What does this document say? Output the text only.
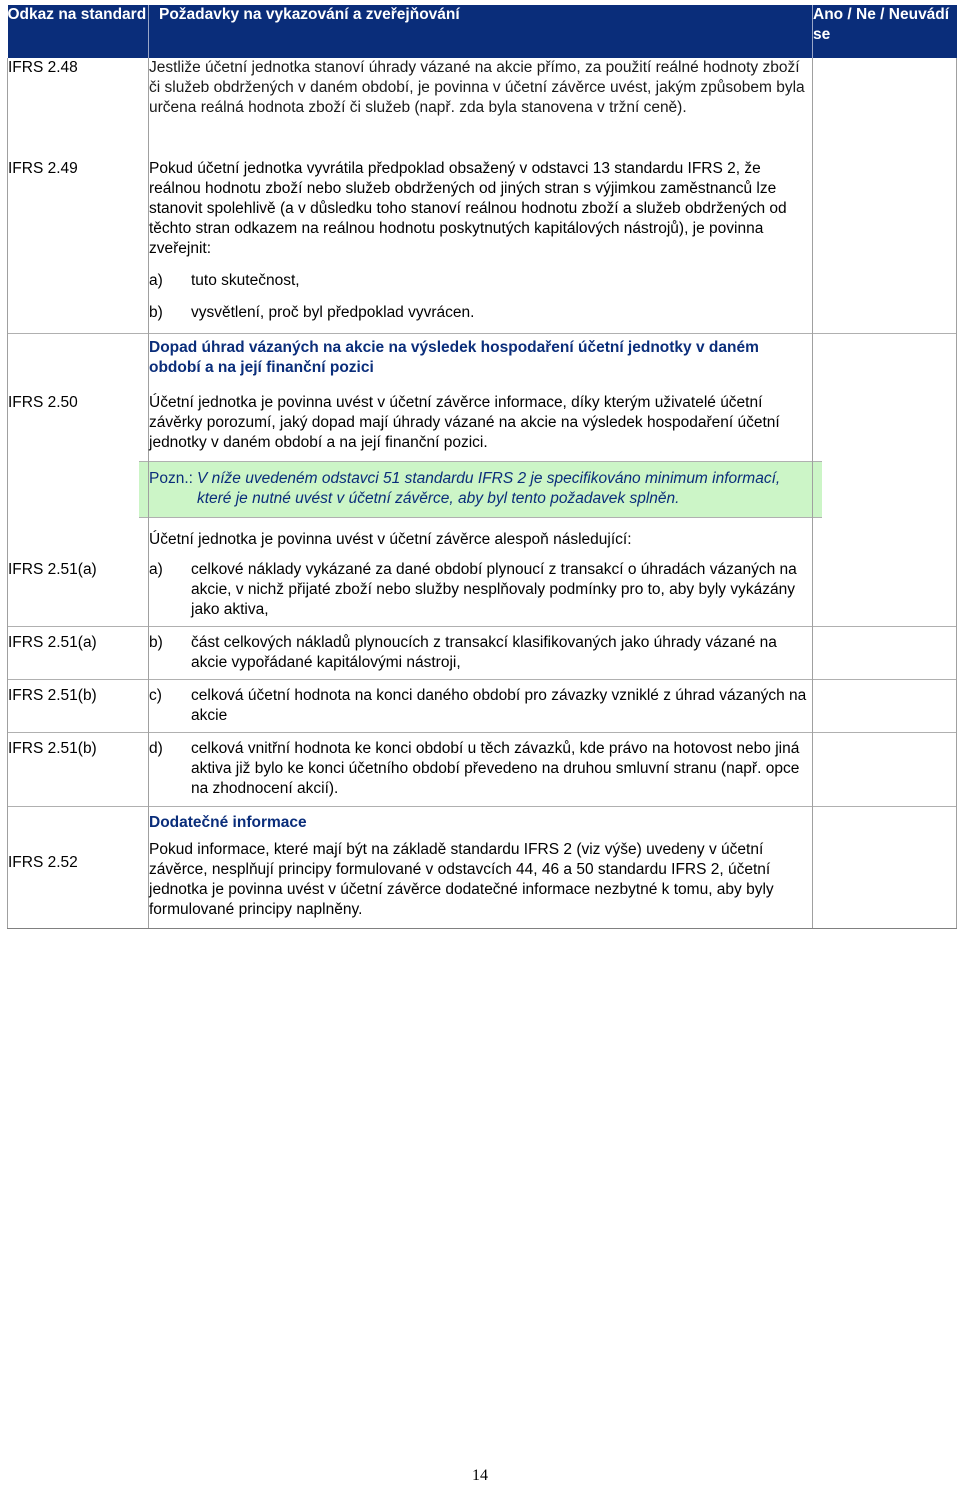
Odkaz na standard	Požadavky na vykazování a zveřejňování	Ano / Ne / Neuvádí se
IFRS 2.48	Jestliže účetní jednotka stanoví úhrady vázané na akcie přímo, za použití reálné hodnoty zboží či služeb obdržených v daném období, je povinna v účetní závěrce uvést, jakým způsobem byla určena reálná hodnota zboží či služeb (např. zda byla stanovena v tržní ceně).	

IFRS 2.49	Pokud účetní jednotka vyvrátila předpoklad obsažený v odstavci 13 standardu IFRS 2, že reálnou hodnotu zboží nebo služeb obdržených od jiných stran s výjimkou zaměstnanců lze stanovit spolehlivě (a v důsledku toho stanoví reálnou hodnotu zboží a služeb obdržených od těchto stran odkazem na reálnou hodnotu poskytnutých kapitálových nástrojů), je povinna zveřejnit:

a) tuto skutečnost,
b) vysvětlení, proč byl předpoklad vyvrácen.	

	Dopad úhrad vázaných na akcie na výsledek hospodaření účetní jednotky v daném období a na její finanční pozici	

IFRS 2.50	Účetní jednotka je povinna uvést v účetní závěrce informace, díky kterým uživatelé účetní závěrky porozumí, jaký dopad mají úhrady vázané na akcie na výsledek hospodaření účetní jednotky v daném období a na její finanční pozici.

Pozn.: V níže uvedeném odstavci 51 standardu IFRS 2 je specifikováno minimum informací, které je nutné uvést v účetní závěrce, aby byl tento požadavek splněn.

Účetní jednotka je povinna uvést v účetní závěrce alespoň následující:	

IFRS 2.51(a)	a) celkové náklady vykázané za dané období plynoucí z transakcí o úhradách vázaných na akcie, v nichž přijaté zboží nebo služby nesplňovaly podmínky pro to, aby byly vykázány jako aktiva,	

IFRS 2.51(a)	b) část celkových nákladů plynoucích z transakcí klasifikovaných jako úhrady vázané na akcie vypořádané kapitálovými nástroji,	

IFRS 2.51(b)	c) celková účetní hodnota na konci daného období pro závazky vzniklé z úhrad vázaných na akcie	

IFRS 2.51(b)	d) celková vnitřní hodnota ke konci období u těch závazků, kde právo na hotovost nebo jiná aktiva již bylo ke konci účetního období převedeno na druhou smluvní stranu (např. opce na zhodnocení akcií).	

IFRS 2.52	Dodatečné informace

Pokud informace, které mají být na základě standardu IFRS 2 (viz výše) uvedeny v účetní závěrce, nesplňují principy formulované v odstavcích 44, 46 a 50 standardu IFRS 2, účetní jednotka je povinna uvést v účetní závěrce dodatečné informace nezbytné k tomu, aby byly formulované principy naplněny.	

14
